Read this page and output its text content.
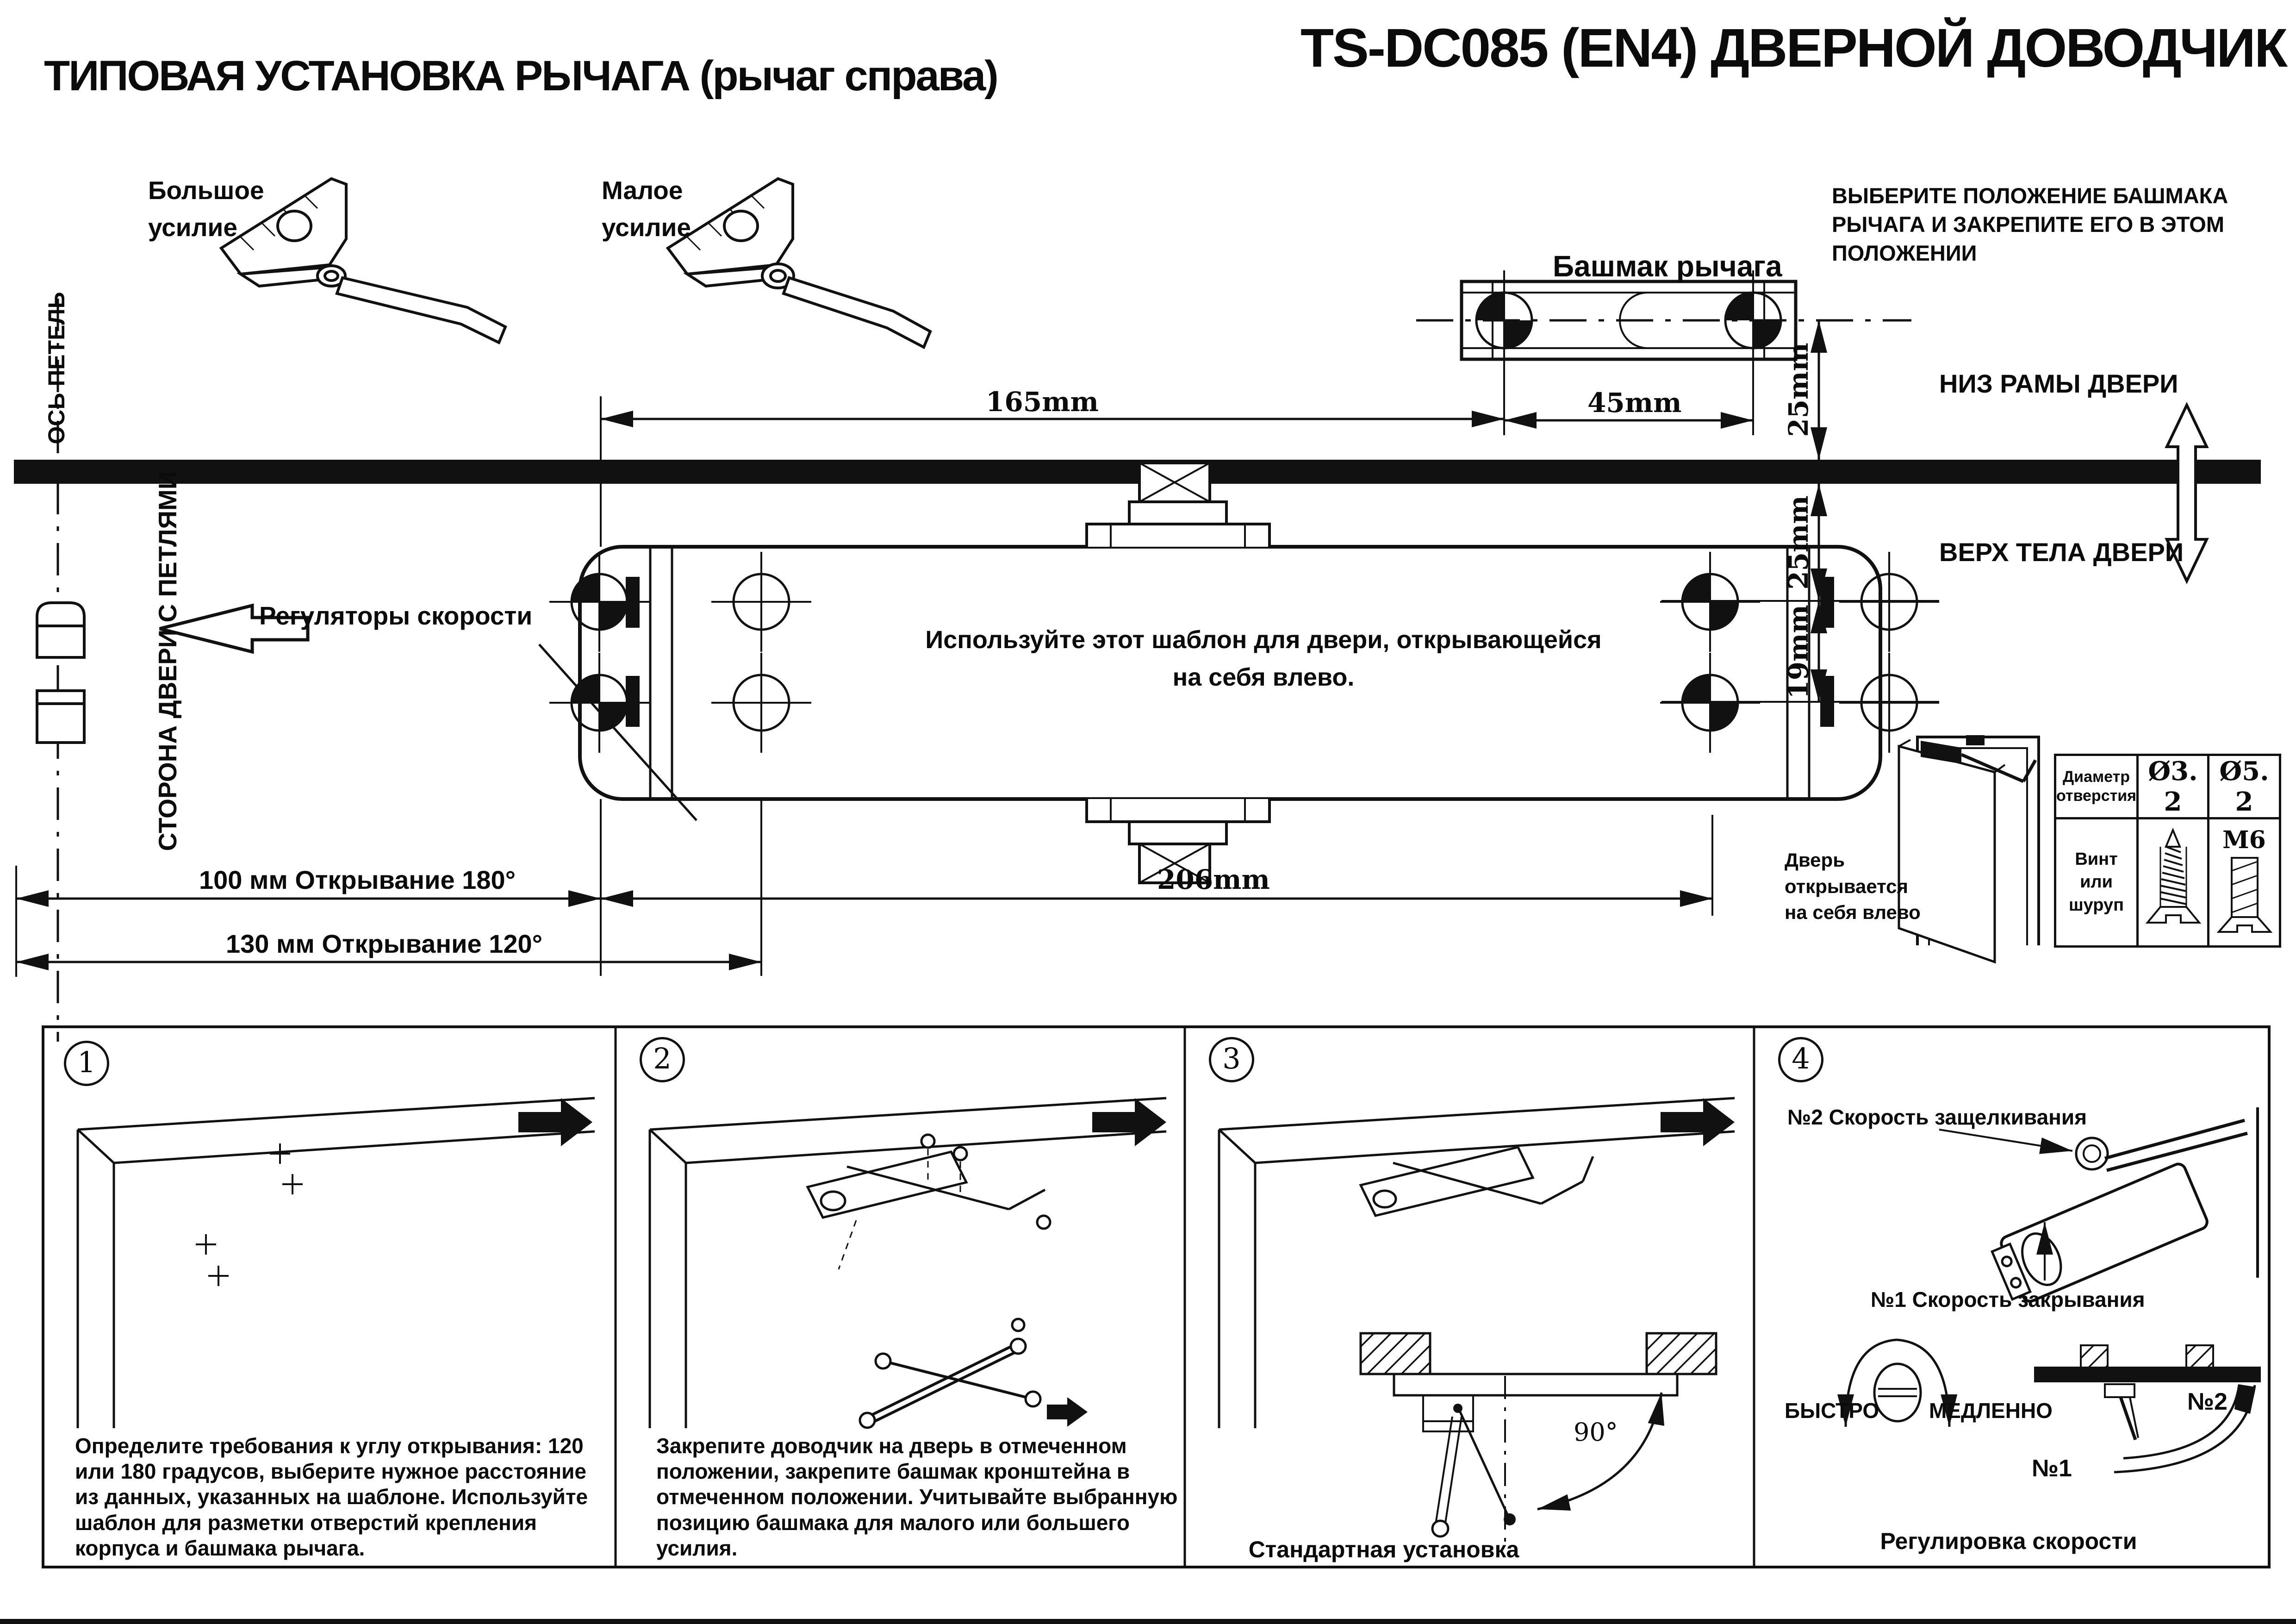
ТИПОВАЯ УСТАНОВКА РЫЧАГА (рычаг справа)	TS-DC085 (EN4) ДВЕРНОЙ ДОВОДЧИК
Большое усилие
Малое усилие
Башмак рычага
ВЫБЕРИТЕ ПОЛОЖЕНИЕ БАШМАКА РЫЧАГА И ЗАКРЕПИТЕ ЕГО В ЭТОМ ПОЛОЖЕНИИ
НИЗ РАМЫ ДВЕРИ
ВЕРХ ТЕЛА ДВЕРИ
ОСЬ ПЕТЕЛЬ
СТОРОНА ДВЕРИ С ПЕТЛЯМИ	Регуляторы скорости
Используйте этот шаблон для двери, открывающейся на себя влево.
165mm	45mm	25mm
25mm
19mm
206mm
100 мм Открывание 180°
130 мм Открывание 120°
Дверь открывается на себя влево
Диаметр отверстия	Ø3. 2	Ø5. 2
Винт или шуруп		M6
1	2	3	4
Определите требования к углу открывания: 120 или 180 градусов, выберите нужное расстояние из данных, указанных на шаблоне. Используйте шаблон для разметки отверстий крепления корпуса и башмака рычага.
Закрепите доводчик на дверь в отмеченном положении, закрепите башмак кронштейна в отмеченном положении. Учитывайте выбранную позицию башмака для малого или большего усилия.
90°
Стандартная установка
№2 Скорость защелкивания
№1 Скорость закрывания
БЫСТРО МЕДЛЕННО	№2
№1
Регулировка скорости
